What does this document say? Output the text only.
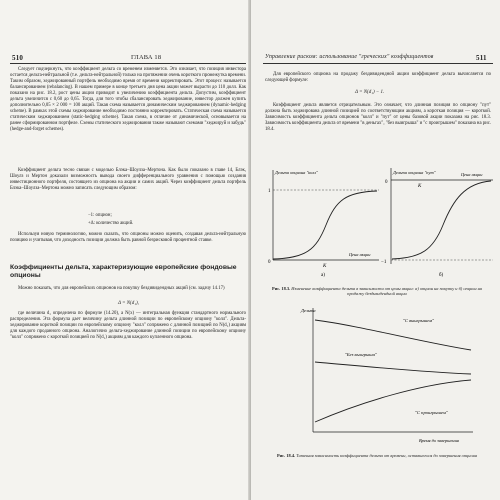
510	ГЛАВА 18

Следует подчеркнуть, что коэффициент дельта со временем изменяется. Это означает, что позиция инвестора остается дельта-нейтральной (т.е. дельта-нейтральной) только на протяжении очень короткого промежутка времени. Таким образом, хеджированный портфель необходимо время от времени корректировать. Этот процесс называется балансированием (rebalancing). В нашем примере в конце третьего дня цена акции может вырасти до 110 долл. Как показано на рис. 18.2, рост цены акции приводит к увеличению коэффициента дельта. Допустим, коэффициент дельта увеличится с 0,60 до 0,65. Тогда, для того чтобы сбалансировать хеджирование, инвестор должен купить дополнительно 0,05 × 2 000 = 100 акций. Такая схема называется динамическим хеджированием (dynamic-hedging scheme). В рамках этой схемы хеджирование необходимо постоянно корректировать. Статическая схема называется статическим хеджированием (static-hedging scheme). Такая схема, в отличие от динамической, основывается на ранее сформированном портфеле. Схемы статического хеджирования также называют схемами "хеджируй и забудь" (hedge-and-forget schemes).

Коэффициент дельта тесно связан с моделью Блэка–Шоулза–Мертона. Как было показано в главе 14, Блэк, Шоулз и Мертон доказали возможность вывода своего дифференциального уравнения с помощью создания инвестиционного портфеля, состоящего из опциона на акции и самих акций. Через коэффициент дельта портфель Блэка–Шоулза–Мертона можно записать следующим образом:

−1: опцион;
+Δ: количество акций.

Используя новую терминологию, можно сказать, что опционы можно оценить, создавая дельта-нейтральную позицию и учитывая, что доходность позиции должна быть равной безрисковой процентной ставке.

Коэффициенты дельта, характеризующие европейские фондовые опционы

Можно показать, что для европейских опционов на покупку бездивидендных акций (см. задачу 14.17)

Δ = N(d₁),

где величина d₁ определена по формуле (14.20), а N(x) — интегральная функция стандартного нормального распределения. Эта формула дает величину дельта длинной позиции по европейскому опциону "колл". Дельта-хеджирование короткой позиции по европейскому опциону "колл" сопряжено с длинной позицией по N(d₁) акциям для каждого проданного опциона. Аналогично дельта-хеджирование длинной позиции по европейскому опциону "колл" сопряжено с короткой позицией по N(d₁) акциям для каждого купленного опциона.

Управление риском: использование "греческих" коэффициентов	511

Для европейского опциона на продажу бездивидендной акции коэффициент дельта вычисляется по следующей формуле:

Δ = N(d₁) − 1.

Коэффициент дельта является отрицательным. Это означает, что длинная позиция по опциону "пут" должна быть хеджирована длинной позицией по соответствующим акциям, а короткая позиция — короткой. Зависимость коэффициента дельта опционов "колл" и "пут" от цены базовой акции показана на рис. 18.3. Зависимость коэффициента дельта от времени "в деньгах", "без выигрыша" и "с проигрышем" показана на рис. 18.4.

1
0
Дельта опциона "колл"
Цена акции
K
а)
0
−1
Дельта опциона "пут"	Цена акции
K
б)
Рис. 18.3. Изменение коэффициента дельта в зависимости от цены акции: а) опцион на покупку и б) опцион на продажу бездивидендной акции
Дельта
"С выигрышем"
"Без выигрыша"
"С проигрышем"
Время до завершения
Рис. 18.4. Типичная зависимость коэффициента дельта от времени, оставшегося до завершения опциона
